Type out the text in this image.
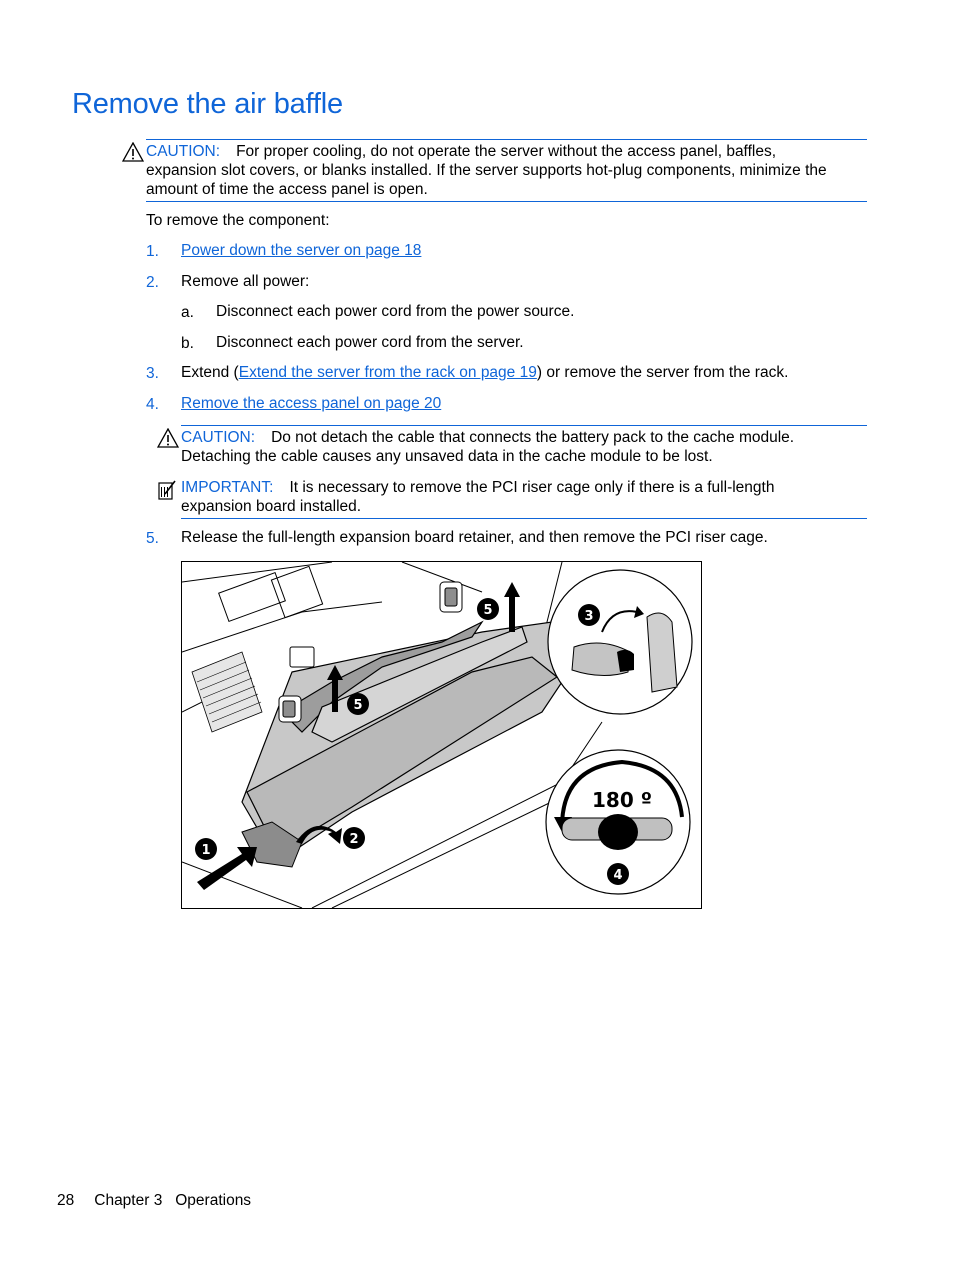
Remove the air baffle
CAUTION: For proper cooling, do not operate the server without the access panel, baffles,
expansion slot covers, or blanks installed. If the server supports hot-plug components, minimize the
amount of time the access panel is open.
To remove the component:
1. Power down the server on page 18
2. Remove all power:
a. Disconnect each power cord from the power source.
b. Disconnect each power cord from the server.
3. Extend (Extend the server from the rack on page 19) or remove the server from the rack.
4. Remove the access panel on page 20
CAUTION: Do not detach the cable that connects the battery pack to the cache module.
Detaching the cable causes any unsaved data in the cache module to be lost.
IMPORTANT: It is necessary to remove the PCI riser cage only if there is a full-length
expansion board installed.
5. Release the full-length expansion board retainer, and then remove the PCI riser cage.
1
2
5
5
3
180 º
4
28 Chapter 3   Operations
